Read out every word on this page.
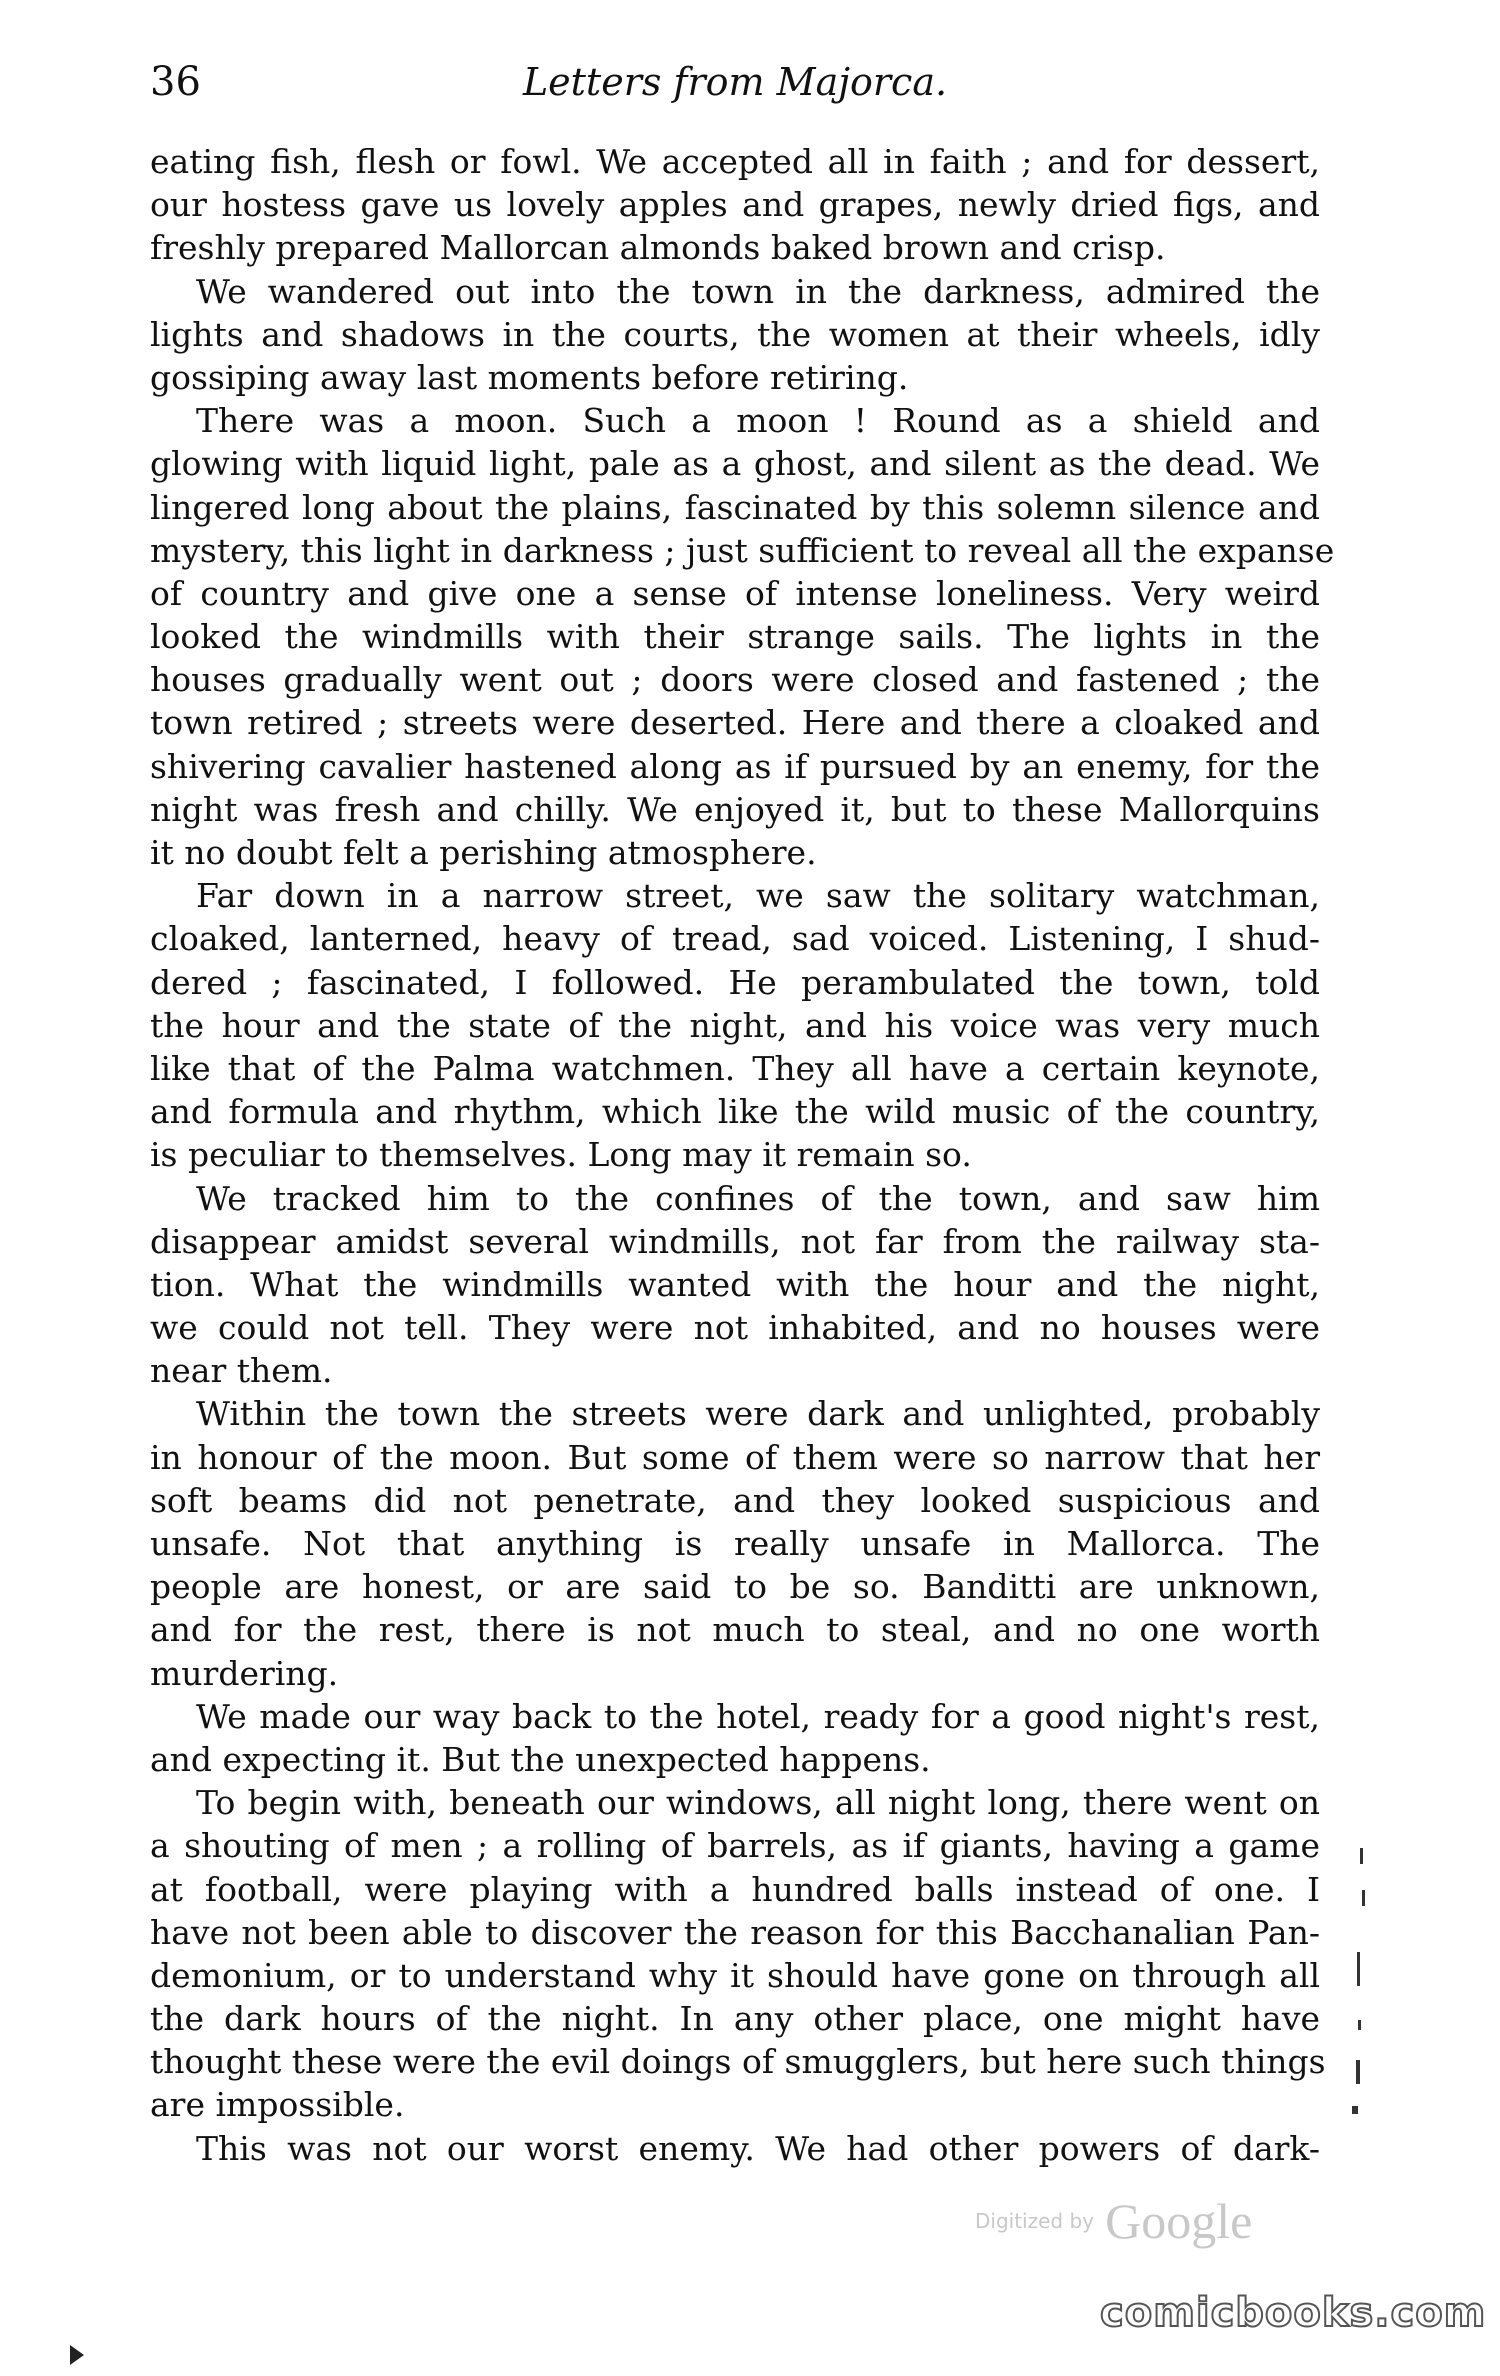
36	Letters from Majorca.
eating fish, flesh or fowl. We accepted all in faith ; and for dessert,
our hostess gave us lovely apples and grapes, newly dried figs, and
freshly prepared Mallorcan almonds baked brown and crisp.
We wandered out into the town in the darkness, admired the
lights and shadows in the courts, the women at their wheels, idly
gossiping away last moments before retiring.
There was a moon. Such a moon ! Round as a shield and
glowing with liquid light, pale as a ghost, and silent as the dead. We
lingered long about the plains, fascinated by this solemn silence and
mystery, this light in darkness ; just sufficient to reveal all the expanse
of country and give one a sense of intense loneliness. Very weird
looked the windmills with their strange sails. The lights in the
houses gradually went out ; doors were closed and fastened ; the
town retired ; streets were deserted. Here and there a cloaked and
shivering cavalier hastened along as if pursued by an enemy, for the
night was fresh and chilly. We enjoyed it, but to these Mallorquins
it no doubt felt a perishing atmosphere.
Far down in a narrow street, we saw the solitary watchman,
cloaked, lanterned, heavy of tread, sad voiced. Listening, I shud-
dered ; fascinated, I followed. He perambulated the town, told
the hour and the state of the night, and his voice was very much
like that of the Palma watchmen. They all have a certain keynote,
and formula and rhythm, which like the wild music of the country,
is peculiar to themselves. Long may it remain so.
We tracked him to the confines of the town, and saw him
disappear amidst several windmills, not far from the railway sta-
tion. What the windmills wanted with the hour and the night,
we could not tell. They were not inhabited, and no houses were
near them.
Within the town the streets were dark and unlighted, probably
in honour of the moon. But some of them were so narrow that her
soft beams did not penetrate, and they looked suspicious and
unsafe. Not that anything is really unsafe in Mallorca. The
people are honest, or are said to be so. Banditti are unknown,
and for the rest, there is not much to steal, and no one worth
murdering.
We made our way back to the hotel, ready for a good night's rest,
and expecting it. But the unexpected happens.
To begin with, beneath our windows, all night long, there went on
a shouting of men ; a rolling of barrels, as if giants, having a game
at football, were playing with a hundred balls instead of one. I
have not been able to discover the reason for this Bacchanalian Pan-
demonium, or to understand why it should have gone on through all
the dark hours of the night. In any other place, one might have
thought these were the evil doings of smugglers, but here such things
are impossible.
This was not our worst enemy. We had other powers of dark-
Digitized by Google
comicbooks.com
